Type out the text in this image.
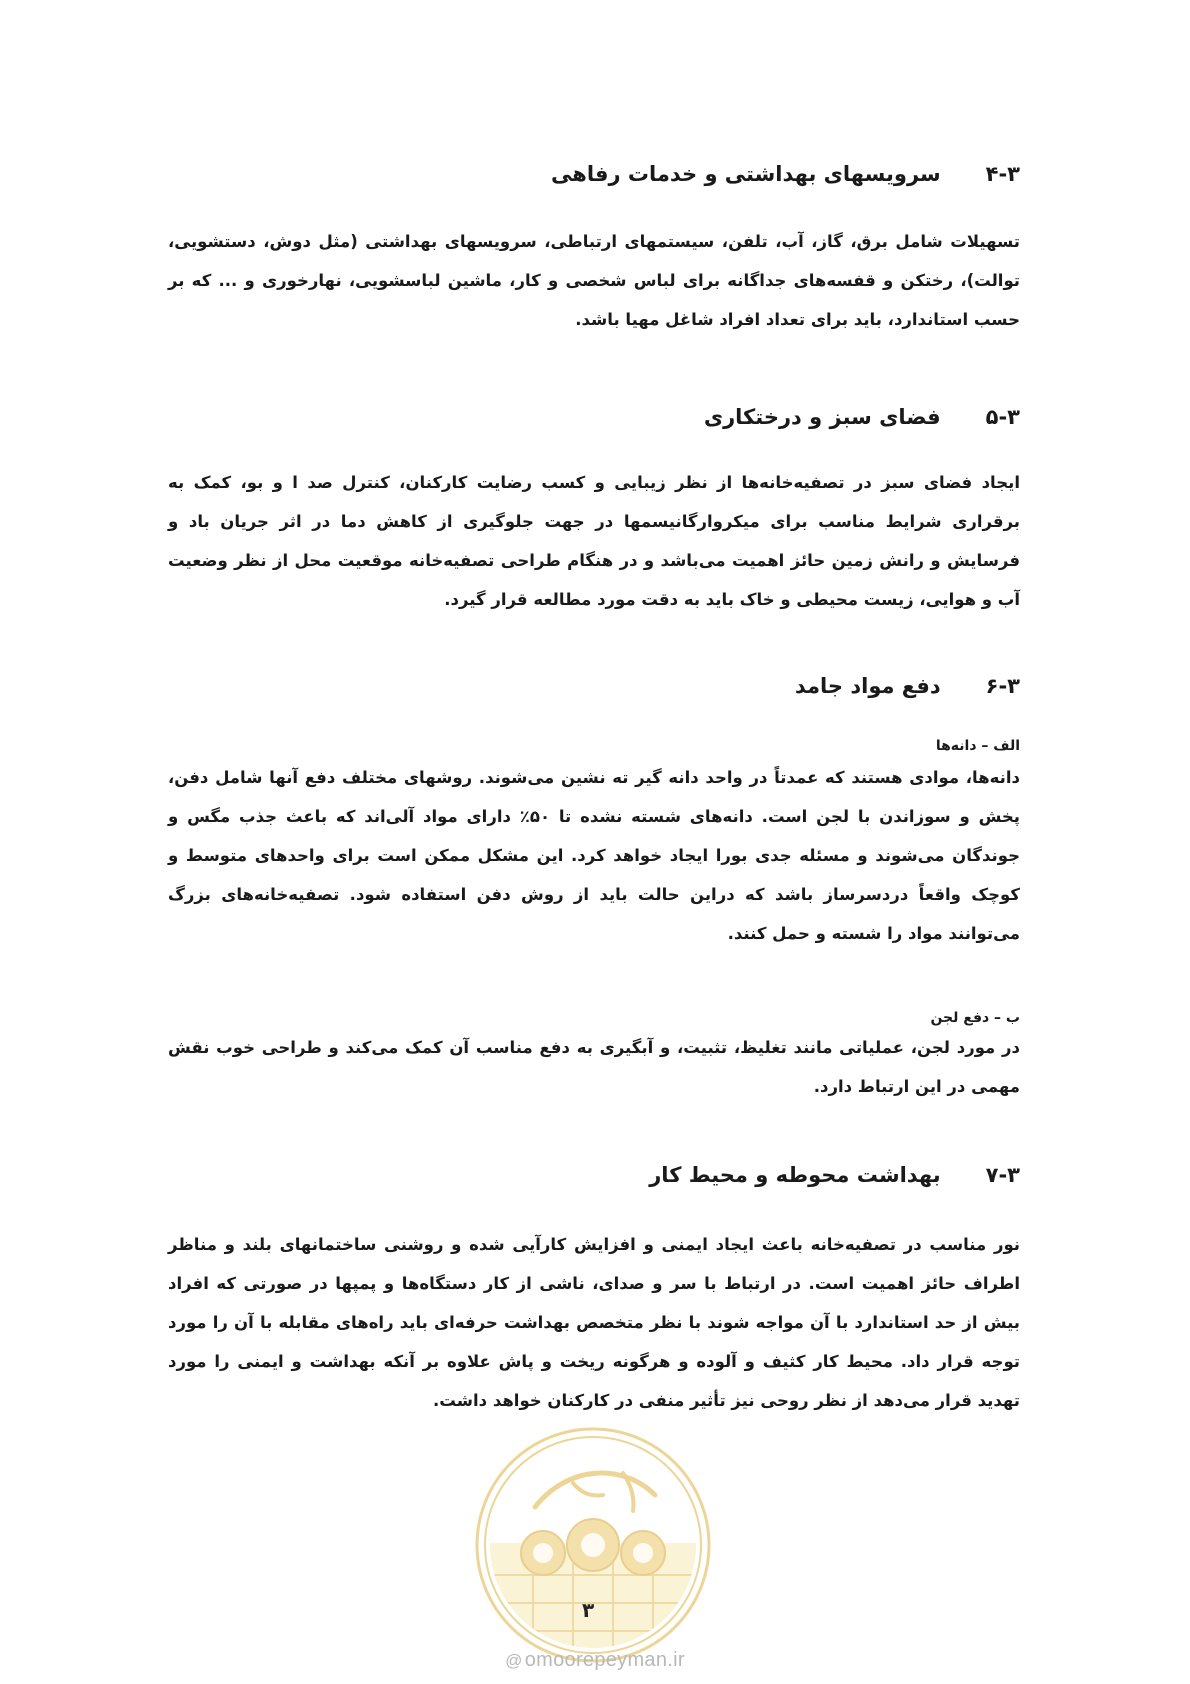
۴-۳ سرویسهای بهداشتی و خدمات رفاهی
تسهیلات شامل برق، گاز، آب، تلفن، سیستمهای ارتباطی، سرویسهای بهداشتی (مثل دوش، دستشویی، توالت)، رختکن و قفسه‌های جداگانه برای لباس شخصی و کار، ماشین لباسشویی، نهارخوری و ... که بر حسب استاندارد، باید برای تعداد افراد شاغل مهیا باشد.
۵-۳ فضای سبز و درختکاری
ایجاد فضای سبز در تصفیه‌خانه‌ها از نظر زیبایی و کسب رضایت کارکنان، کنترل صد ا و بو، کمک به برقراری شرایط مناسب برای میکروارگانیسمها در جهت جلوگیری از کاهش دما در اثر جریان باد و فرسایش و رانش زمین حائز اهمیت می‌باشد و در هنگام طراحی تصفیه‌خانه موقعیت محل از نظر وضعیت آب و هوایی، زیست محیطی و خاک باید به دقت مورد مطالعه قرار گیرد.
۶-۳ دفع مواد جامد
الف – دانه‌ها
دانه‌ها، موادی هستند که عمدتاً در واحد دانه گیر ته نشین می‌شوند. روشهای مختلف دفع آنها شامل دفن، پخش و سوزاندن با لجن است. دانه‌های شسته نشده تا ۵۰٪ دارای مواد آلی‌اند که باعث جذب مگس و جوندگان می‌شوند و مسئله جدی بورا ایجاد خواهد کرد. این مشکل ممکن است برای واحدهای متوسط و کوچک واقعاً دردسرساز باشد که دراین حالت باید از روش دفن استفاده شود. تصفیه‌خانه‌های بزرگ می‌توانند مواد را شسته و حمل کنند.
ب – دفع لجن
در مورد لجن، عملیاتی مانند تغلیظ، تثبیت، و آبگیری به دفع مناسب آن کمک می‌کند و طراحی خوب نقش مهمی در این ارتباط دارد.
۷-۳ بهداشت محوطه و محیط کار
نور مناسب در تصفیه‌خانه باعث ایجاد ایمنی و افزایش کارآیی شده و روشنی ساختمانهای بلند و مناظر اطراف حائز اهمیت است. در ارتباط با سر و صدای، ناشی از کار دستگاه‌ها و پمپها در صورتی که افراد بیش از حد استاندارد با آن مواجه شوند با نظر متخصص بهداشت حرفه‌ای باید راه‌های مقابله با آن را مورد توجه قرار داد. محیط کار کثیف و آلوده و هرگونه ریخت و پاش علاوه بر آنکه بهداشت و ایمنی را مورد تهدید قرار می‌دهد از نظر روحی نیز تأثیر منفی در کارکنان خواهد داشت.
۳
@ omoorepeyman.ir
